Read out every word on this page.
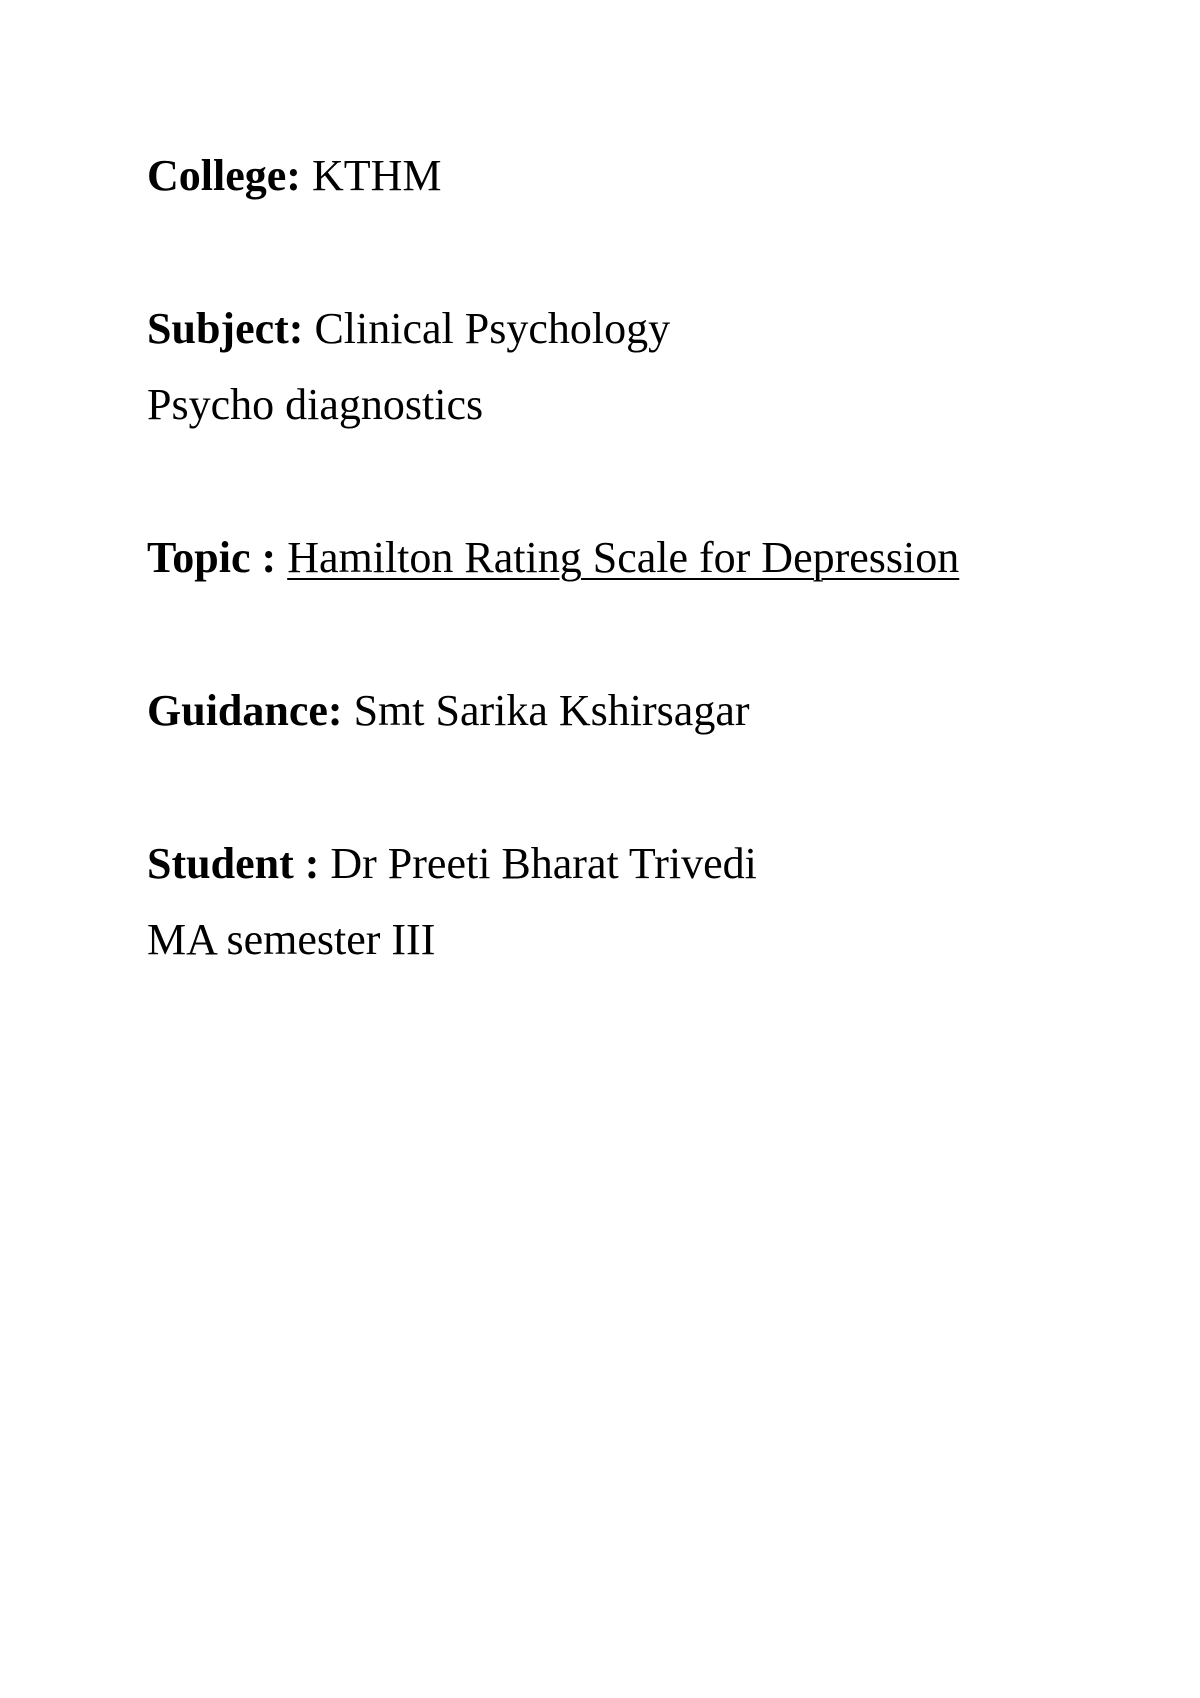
College: KTHM
Subject: Clinical Psychology
Psycho diagnostics
Topic : Hamilton Rating Scale for Depression
Guidance: Smt Sarika Kshirsagar
Student : Dr Preeti Bharat Trivedi
MA semester III
